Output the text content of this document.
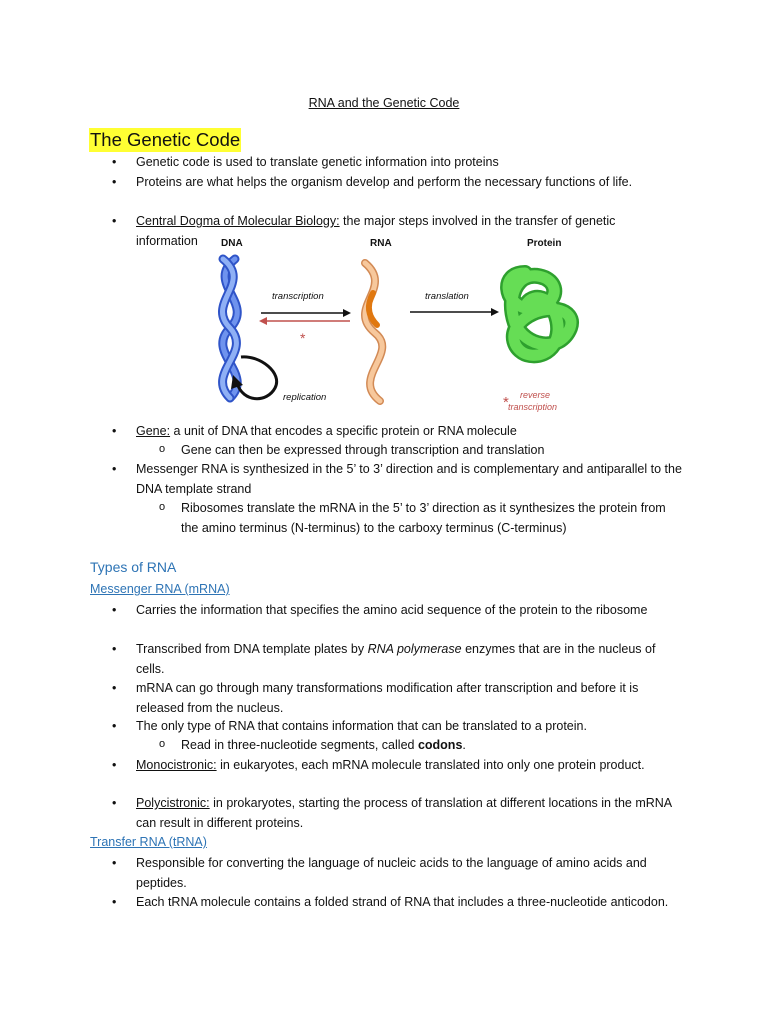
RNA and the Genetic Code
The Genetic Code
Genetic code is used to translate genetic information into proteins
Proteins are what helps the organism develop and perform the necessary functions of life.
Central Dogma of Molecular Biology: the major steps involved in the transfer of genetic information	DNA	RNA	Protein
transcription	translation
replication
*
* reverse
transcription
Gene: a unit of DNA that encodes a specific protein or RNA molecule
Gene can then be expressed through transcription and translation
Messenger RNA is synthesized in the 5’ to 3’ direction and is complementary and antiparallel to the DNA template strand
Ribosomes translate the mRNA in the 5’ to 3’ direction as it synthesizes the protein from the amino terminus (N-terminus) to the carboxy terminus (C-terminus)
Types of RNA
Messenger RNA (mRNA)
Carries the information that specifies the amino acid sequence of the protein to the ribosome
Transcribed from DNA template plates by RNA polymerase enzymes that are in the nucleus of cells.
mRNA can go through many transformations modification after transcription and before it is released from the nucleus.
The only type of RNA that contains information that can be translated to a protein.
Read in three-nucleotide segments, called codons.
Monocistronic: in eukaryotes, each mRNA molecule translated into only one protein product.
Polycistronic: in prokaryotes, starting the process of translation at different locations in the mRNA can result in different proteins.
Transfer RNA (tRNA)
Responsible for converting the language of nucleic acids to the language of amino acids and peptides.
Each tRNA molecule contains a folded strand of RNA that includes a three-nucleotide anticodon.
